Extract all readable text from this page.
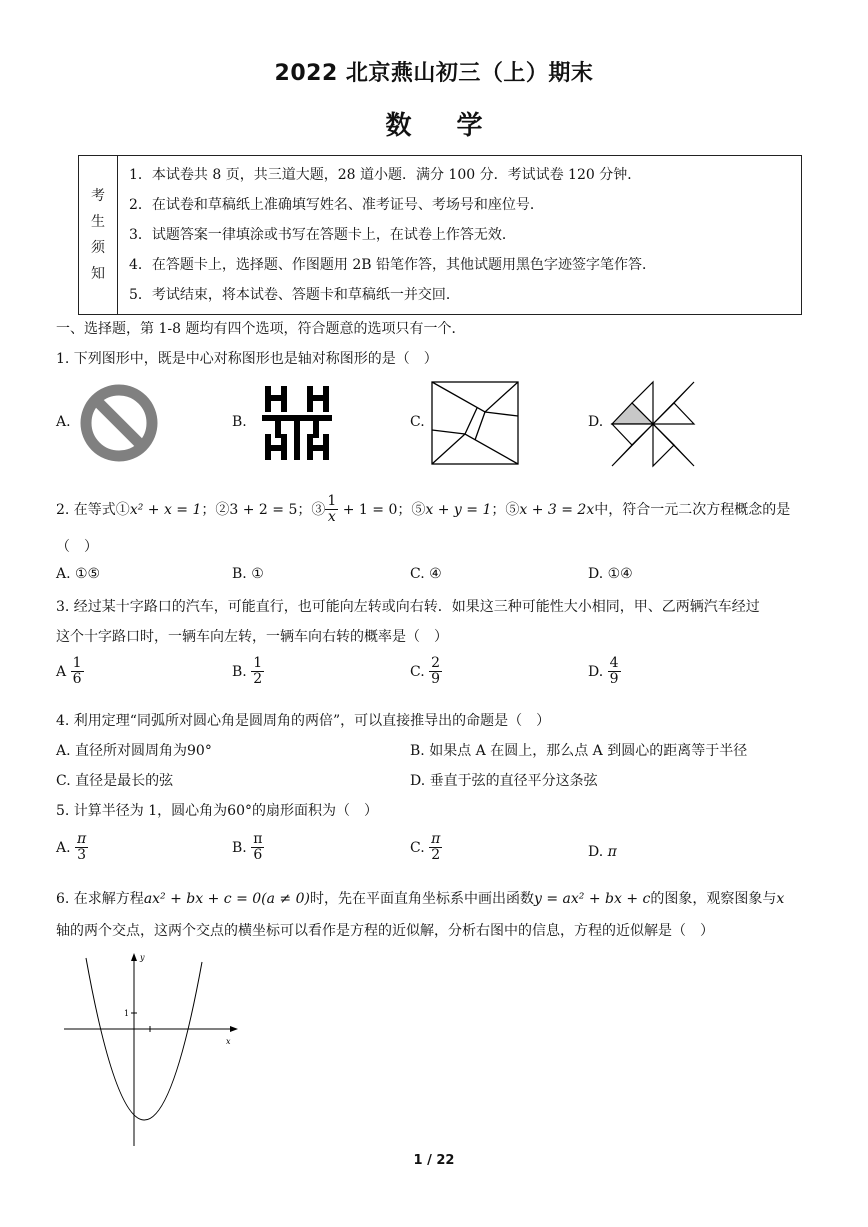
2022 北京燕山初三（上）期末
数 学
考
生
须
知
1．本试卷共 8 页，共三道大题，28 道小题．满分 100 分．考试试卷 120 分钟．
2．在试卷和草稿纸上准确填写姓名、准考证号、考场号和座位号．
3．试题答案一律填涂或书写在答题卡上，在试卷上作答无效．
4．在答题卡上，选择题、作图题用 2B 铅笔作答，其他试题用黑色字迹签字笔作答．
5．考试结束，将本试卷、答题卡和草稿纸一并交回．
一、选择题，第 1-8 题均有四个选项，符合题意的选项只有一个．
1. 下列图形中，既是中心对称图形也是轴对称图形的是（　）
A.	B.	C.	D.
2. 在等式①x² + x = 1；②3 + 2 = 5；③ $\frac{1}{x} + 1 = 0$；⑤x + y = 1；⑤x + 3 = 2x中，符合一元二次方程概念的是
（　）
A. ①⑤	B. ①	C. ④	D. ①④
3. 经过某十字路口的汽车，可能直行，也可能向左转或向右转．如果这三种可能性大小相同，甲、乙两辆汽车经过
这个十字路口时，一辆车向左转，一辆车向右转的概率是（　）
A $\frac{1}{6}$	B. $\frac{1}{2}$	C. $\frac{2}{9}$	D. $\frac{4}{9}$
4. 利用定理“同弧所对圆心角是圆周角的两倍”，可以直接推导出的命题是（　）
A. 直径所对圆周角为90°	B. 如果点 A 在圆上，那么点 A 到圆心的距离等于半径
C. 直径是最长的弦	D. 垂直于弦的直径平分这条弦
5. 计算半径为 1，圆心角为60°的扇形面积为（　）
A. $\frac{\pi}{3}$	B. $\frac{\pi}{6}$	C. $\frac{\pi}{2}$	D. π
6. 在求解方程ax² + bx + c = 0(a ≠ 0)时，先在平面直角坐标系中画出函数y = ax² + bx + c的图象，观察图象与x
轴的两个交点，这两个交点的横坐标可以看作是方程的近似解，分析右图中的信息，方程的近似解是（　）
y
x
1
1 / 22
